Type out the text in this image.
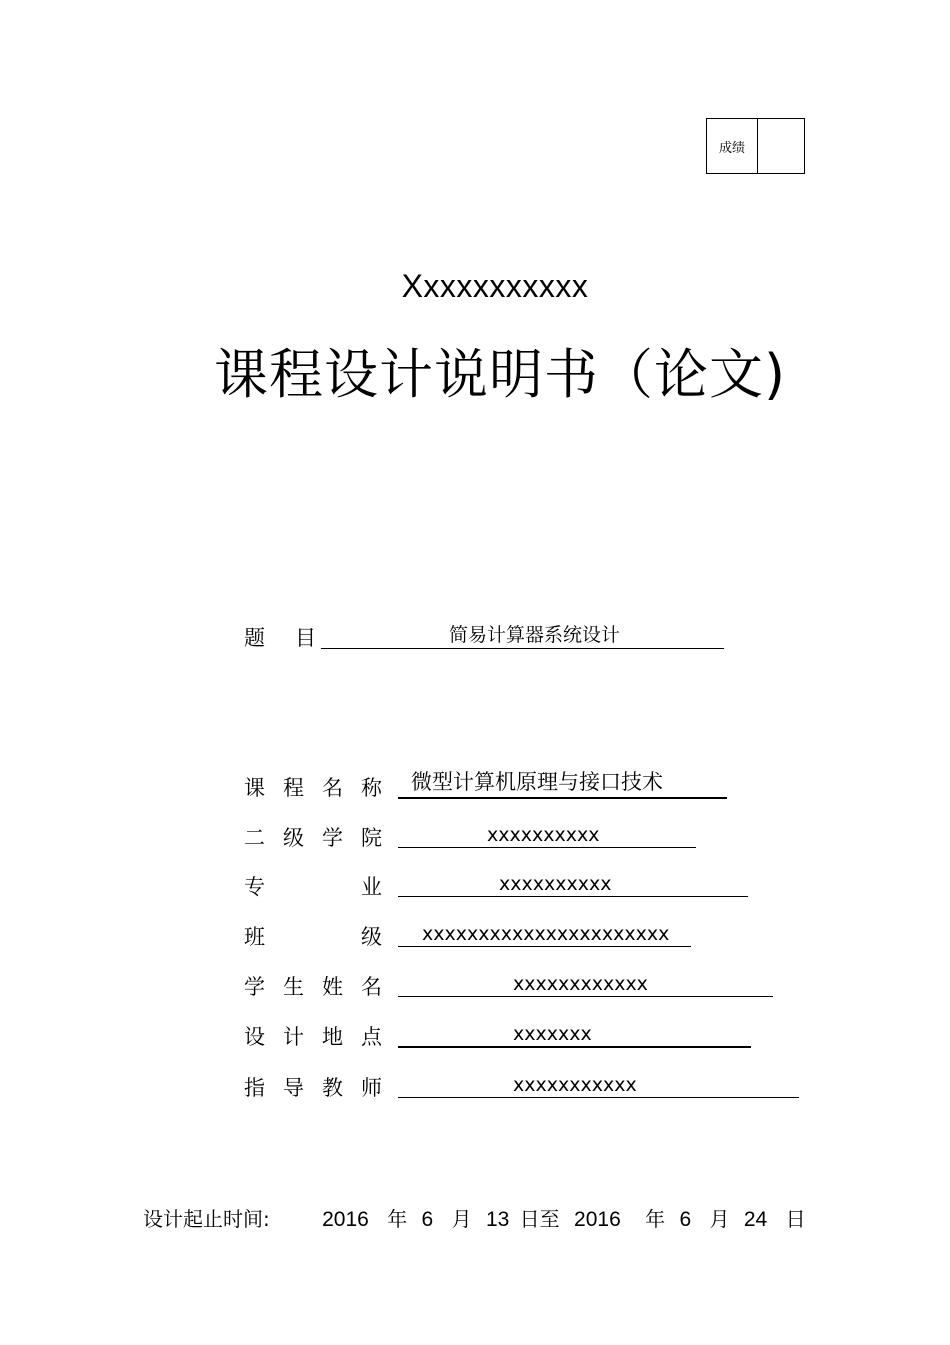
成绩
Xxxxxxxxxxx
课程设计说明书（论文)
题 目	简易计算器系统设计
课 程 名 称 微型计算机原理与接口技术
二 级 学 院	xxxxxxxxxx
专	业	xxxxxxxxxx
班	级 xxxxxxxxxxxxxxxxxxxxxx
学 生 姓 名	xxxxxxxxxxxx
设 计 地 点	xxxxxxx
指 导 教 师	xxxxxxxxxxx
设计起止时间: 2016 年 6 月 13 日至 2016 年 6 月 24 日
